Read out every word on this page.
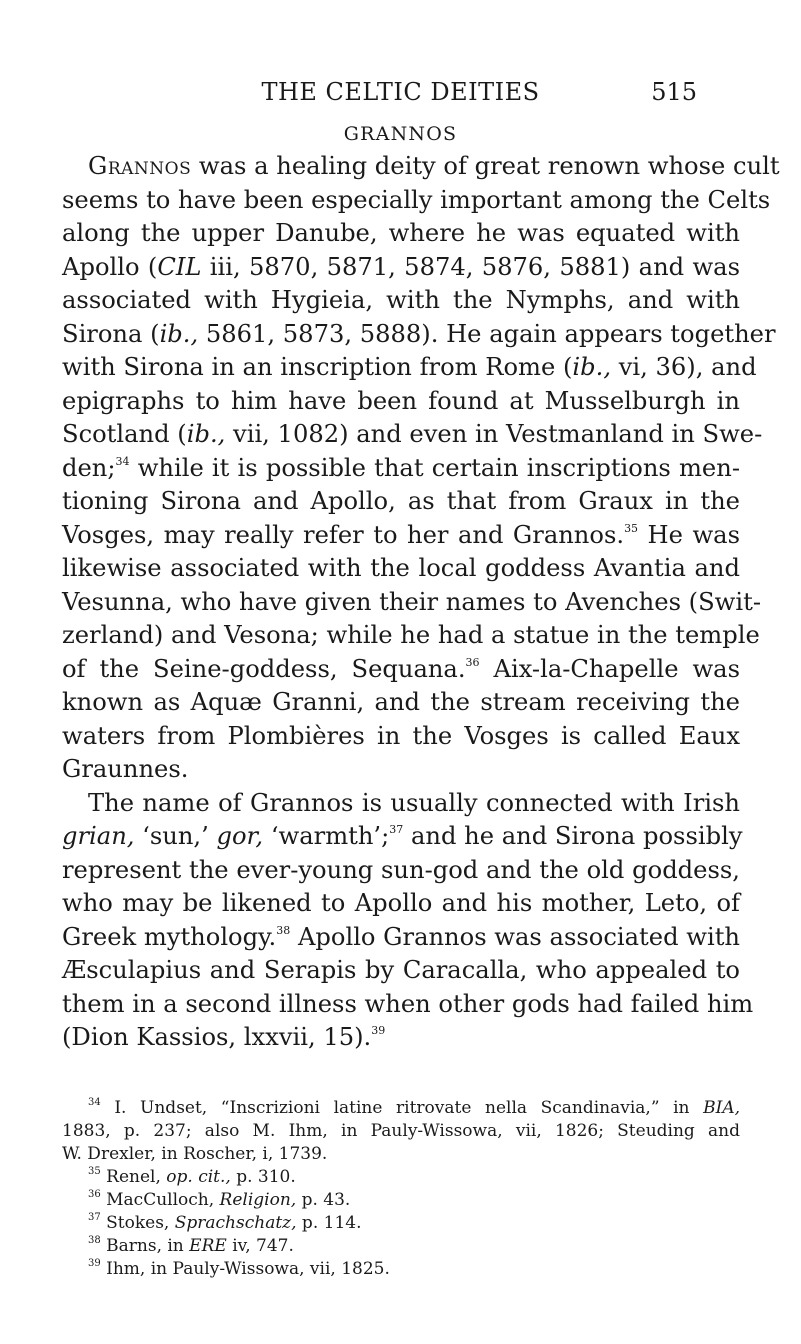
THE CELTIC DEITIES	515
GRANNOS
Grannos was a healing deity of great renown whose cult
seems to have been especially important among the Celts
along the upper Danube, where he was equated with
Apollo (CIL iii, 5870, 5871, 5874, 5876, 5881) and was
associated with Hygieia, with the Nymphs, and with
Sirona (ib., 5861, 5873, 5888). He again appears together
with Sirona in an inscription from Rome (ib., vi, 36), and
epigraphs to him have been found at Musselburgh in
Scotland (ib., vii, 1082) and even in Vestmanland in Swe-
den;$^{34}$ while it is possible that certain inscriptions men-
tioning Sirona and Apollo, as that from Graux in the
Vosges, may really refer to her and Grannos.$^{35}$ He was
likewise associated with the local goddess Avantia and
Vesunna, who have given their names to Avenches (Swit-
zerland) and Vesona; while he had a statue in the temple
of the Seine-goddess, Sequana.$^{36}$ Aix-la-Chapelle was
known as Aquæ Granni, and the stream receiving the
waters from Plombières in the Vosges is called Eaux
Graunnes.
The name of Grannos is usually connected with Irish
grian, ‘sun,’ gor, ‘warmth’;$^{37}$ and he and Sirona possibly
represent the ever-young sun-god and the old goddess,
who may be likened to Apollo and his mother, Leto, of
Greek mythology.$^{38}$ Apollo Grannos was associated with
Æsculapius and Serapis by Caracalla, who appealed to
them in a second illness when other gods had failed him
(Dion Kassios, lxxvii, 15).$^{39}$
$^{34}$ I. Undset, “Inscrizioni latine ritrovate nella Scandinavia,” in BIA,
1883, p. 237; also M. Ihm, in Pauly-Wissowa, vii, 1826; Steuding and
W. Drexler, in Roscher, i, 1739.
$^{35}$ Renel, op. cit., p. 310.
$^{36}$ MacCulloch, Religion, p. 43.
$^{37}$ Stokes, Sprachschatz, p. 114.
$^{38}$ Barns, in ERE iv, 747.
$^{39}$ Ihm, in Pauly-Wissowa, vii, 1825.
